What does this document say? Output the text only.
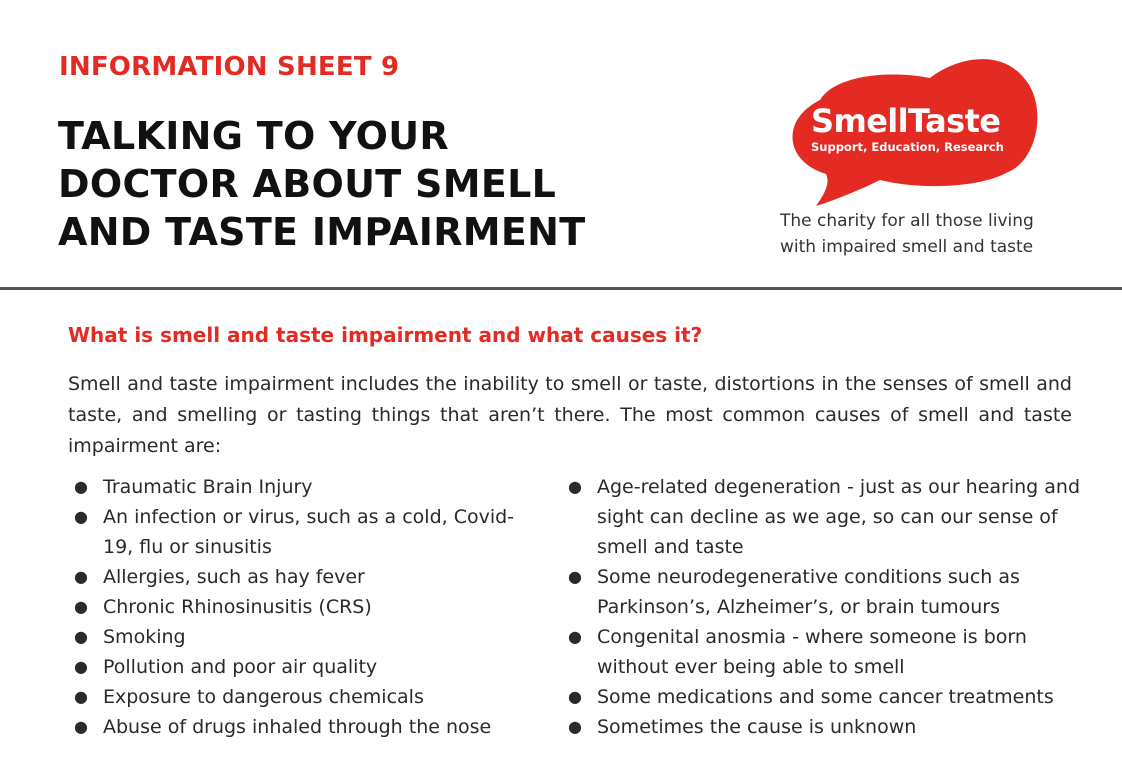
INFORMATION SHEET 9
TALKING TO YOUR
DOCTOR ABOUT SMELL
AND TASTE IMPAIRMENT
SmellTaste
Support, Education, Research
The charity for all those living
with impaired smell and taste
What is smell and taste impairment and what causes it?

Smell and taste impairment includes the inability to smell or taste, distortions in the senses of smell and taste, and smelling or tasting things that aren’t there. The most common causes of smell and taste impairment are:

● Traumatic Brain Injury
● An infection or virus, such as a cold, Covid-19, flu or sinusitis
● Allergies, such as hay fever
● Chronic Rhinosinusitis (CRS)
● Smoking
● Pollution and poor air quality
● Exposure to dangerous chemicals
● Abuse of drugs inhaled through the nose
● Age-related degeneration - just as our hearing and sight can decline as we age, so can our sense of smell and taste
● Some neurodegenerative conditions such as Parkinson’s, Alzheimer’s, or brain tumours
● Congenital anosmia - where someone is born without ever being able to smell
● Some medications and some cancer treatments
● Sometimes the cause is unknown
